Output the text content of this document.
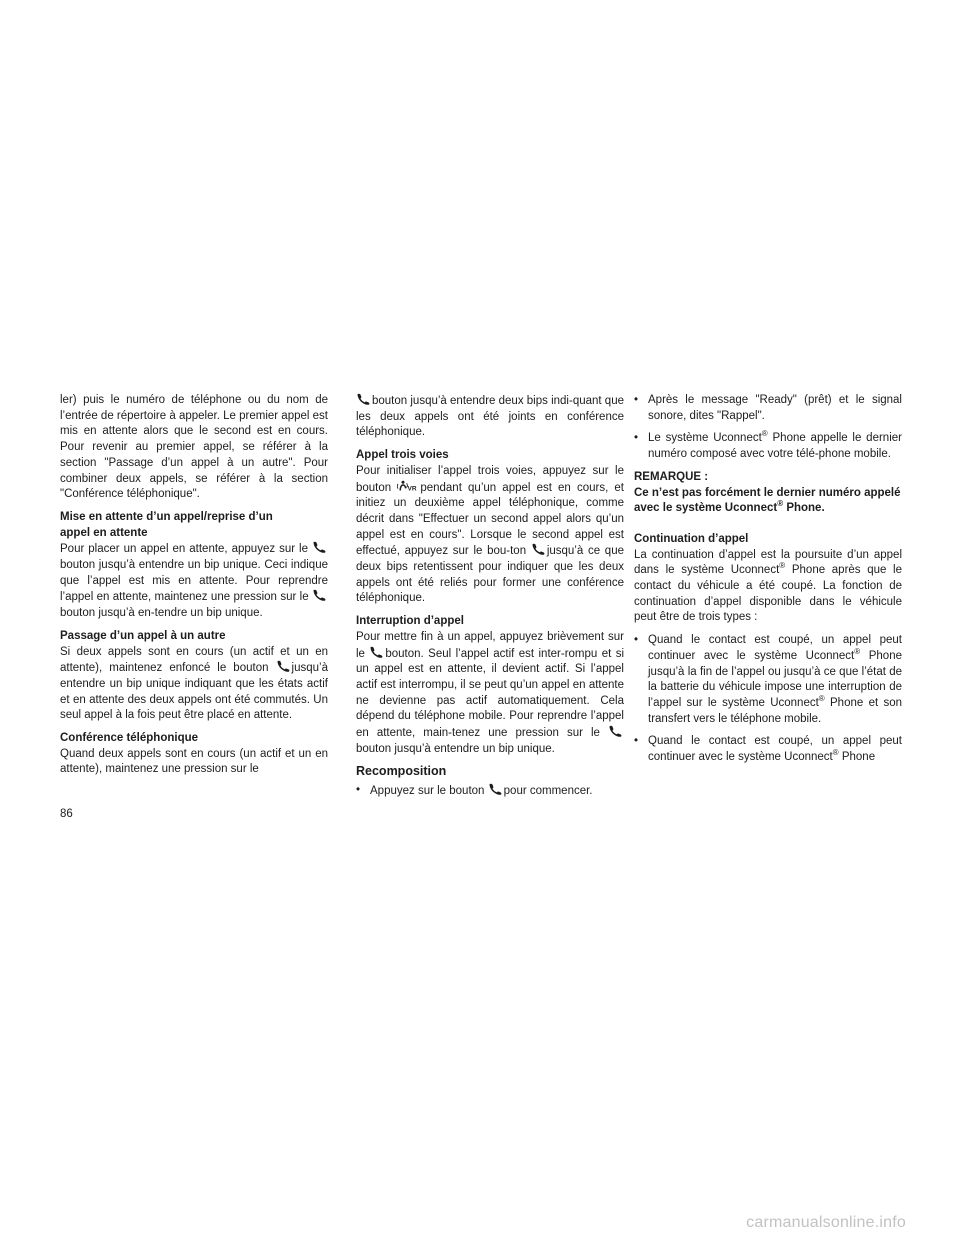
ler) puis le numéro de téléphone ou du nom de l’entrée de répertoire à appeler. Le premier appel est mis en attente alors que le second est en cours. Pour revenir au premier appel, se référer à la section "Passage d’un appel à un autre". Pour combiner deux appels, se référer à la section "Conférence téléphonique".

Mise en attente d’un appel/reprise d’un
appel en attente

Pour placer un appel en attente, appuyez sur le
bouton jusqu’à entendre un bip unique. Ceci indique que l’appel est mis en attente. Pour reprendre l’appel en attente, maintenez une pression sur le
bouton jusqu’à en-tendre un bip unique.

Passage d’un appel à un autre

Si deux appels sont en cours (un actif et un en attente), maintenez enfoncé le bouton jusqu’à entendre un bip unique indiquant que les états actif et en attente des deux appels ont été commutés. Un seul appel à la fois peut être placé en attente.

Conférence téléphonique

Quand deux appels sont en cours (un actif et un en attente), maintenez une pression sur le

bouton jusqu’à entendre deux bips indi-quant que les deux appels ont été joints en conférence téléphonique.

Appel trois voies

Pour initialiser l’appel trois voies, appuyez sur le bouton	VR pendant qu’un appel est en cours, et initiez un deuxième appel téléphonique, comme décrit dans "Effectuer un second appel alors qu’un appel est en cours". Lorsque le second appel est effectué, appuyez sur le bou-ton jusqu’à ce que deux bips retentissent pour indiquer que les deux appels ont été reliés pour former une conférence téléphonique.

Interruption d’appel

Pour mettre fin à un appel, appuyez brièvement sur le bouton. Seul l’appel actif est inter-rompu et si un appel est en attente, il devient actif. Si l’appel actif est interrompu, il se peut qu’un appel en attente ne devienne pas actif automatiquement. Cela dépend du téléphone mobile. Pour reprendre l’appel en attente, main-tenez une pression sur le
bouton jusqu’à entendre un bip unique.

Recomposition
• Appuyez sur le bouton pour commencer.
• Après le message "Ready" (prêt) et le signal sonore, dites "Rappel".
• Le système Uconnect® Phone appelle le dernier numéro composé avec votre télé-phone mobile.
REMARQUE :
Ce n’est pas forcément le dernier numéro appelé avec le système Uconnect® Phone.
Continuation d’appel

La continuation d’appel est la poursuite d’un appel dans le système Uconnect® Phone après que le contact du véhicule a été coupé. La fonction de continuation d’appel disponible dans le véhicule peut être de trois types :

• Quand le contact est coupé, un appel peut continuer avec le système Uconnect® Phone jusqu’à la fin de l’appel ou jusqu’à ce que l’état de la batterie du véhicule impose une interruption de l’appel sur le système Uconnect® Phone et son transfert vers le téléphone mobile.
• Quand le contact est coupé, un appel peut continuer avec le système Uconnect® Phone
86
carmanualsonline.info
